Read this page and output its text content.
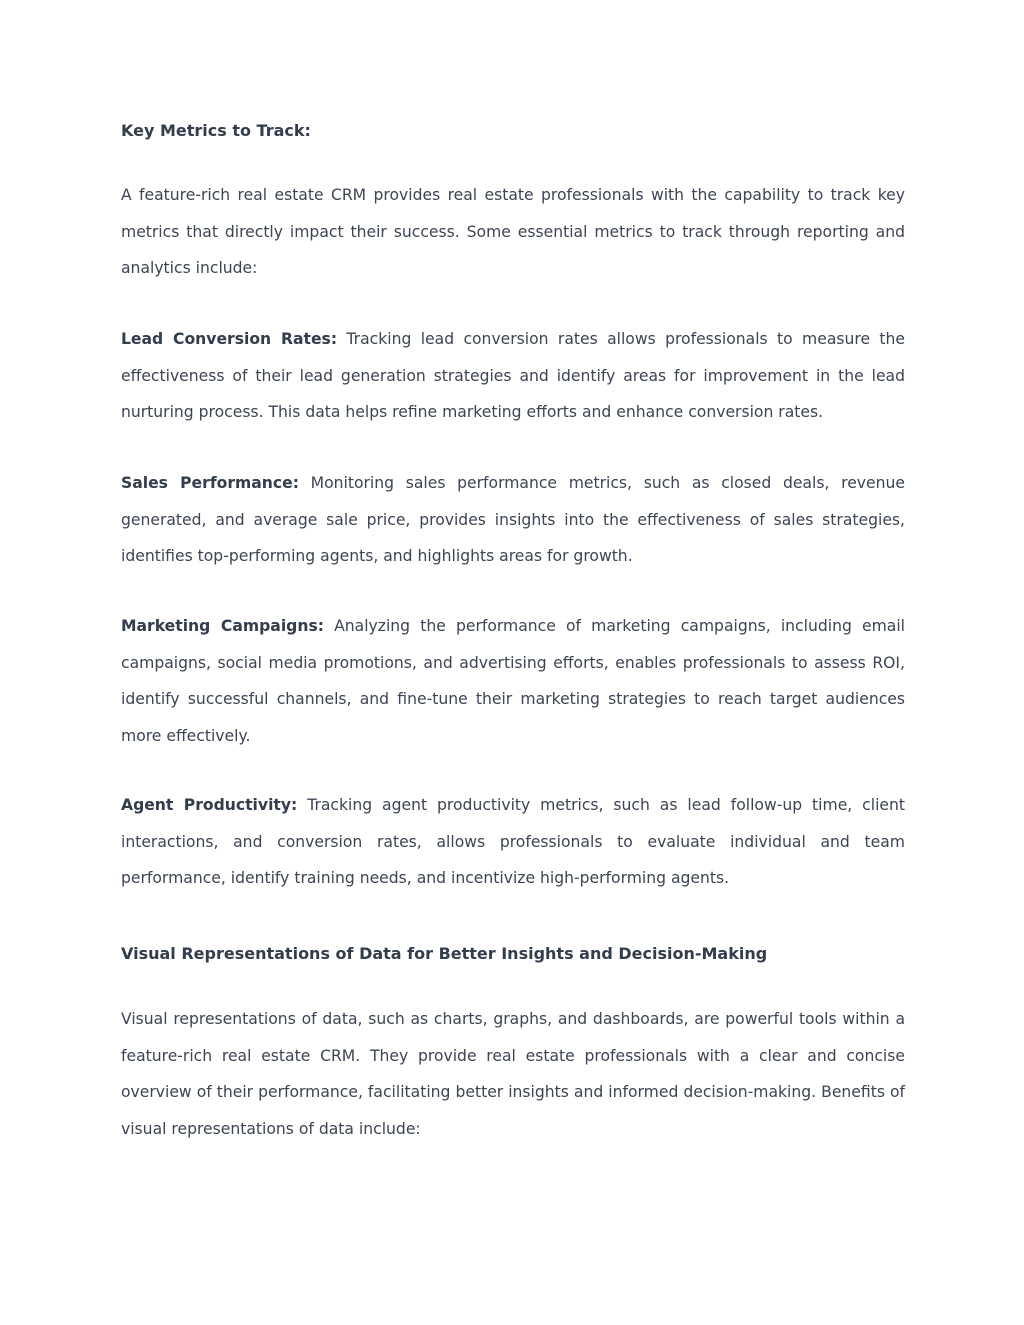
Key Metrics to Track:

A feature-rich real estate CRM provides real estate professionals with the capability to track key metrics that directly impact their success. Some essential metrics to track through reporting and analytics include:

Lead Conversion Rates: Tracking lead conversion rates allows professionals to measure the effectiveness of their lead generation strategies and identify areas for improvement in the lead nurturing process. This data helps refine marketing efforts and enhance conversion rates.

Sales Performance: Monitoring sales performance metrics, such as closed deals, revenue generated, and average sale price, provides insights into the effectiveness of sales strategies, identifies top-performing agents, and highlights areas for growth.

Marketing Campaigns: Analyzing the performance of marketing campaigns, including email campaigns, social media promotions, and advertising efforts, enables professionals to assess ROI, identify successful channels, and fine-tune their marketing strategies to reach target audiences more effectively.

Agent Productivity: Tracking agent productivity metrics, such as lead follow-up time, client interactions, and conversion rates, allows professionals to evaluate individual and team performance, identify training needs, and incentivize high-performing agents.

Visual Representations of Data for Better Insights and Decision-Making

Visual representations of data, such as charts, graphs, and dashboards, are powerful tools within a feature-rich real estate CRM. They provide real estate professionals with a clear and concise overview of their performance, facilitating better insights and informed decision-making. Benefits of visual representations of data include:
